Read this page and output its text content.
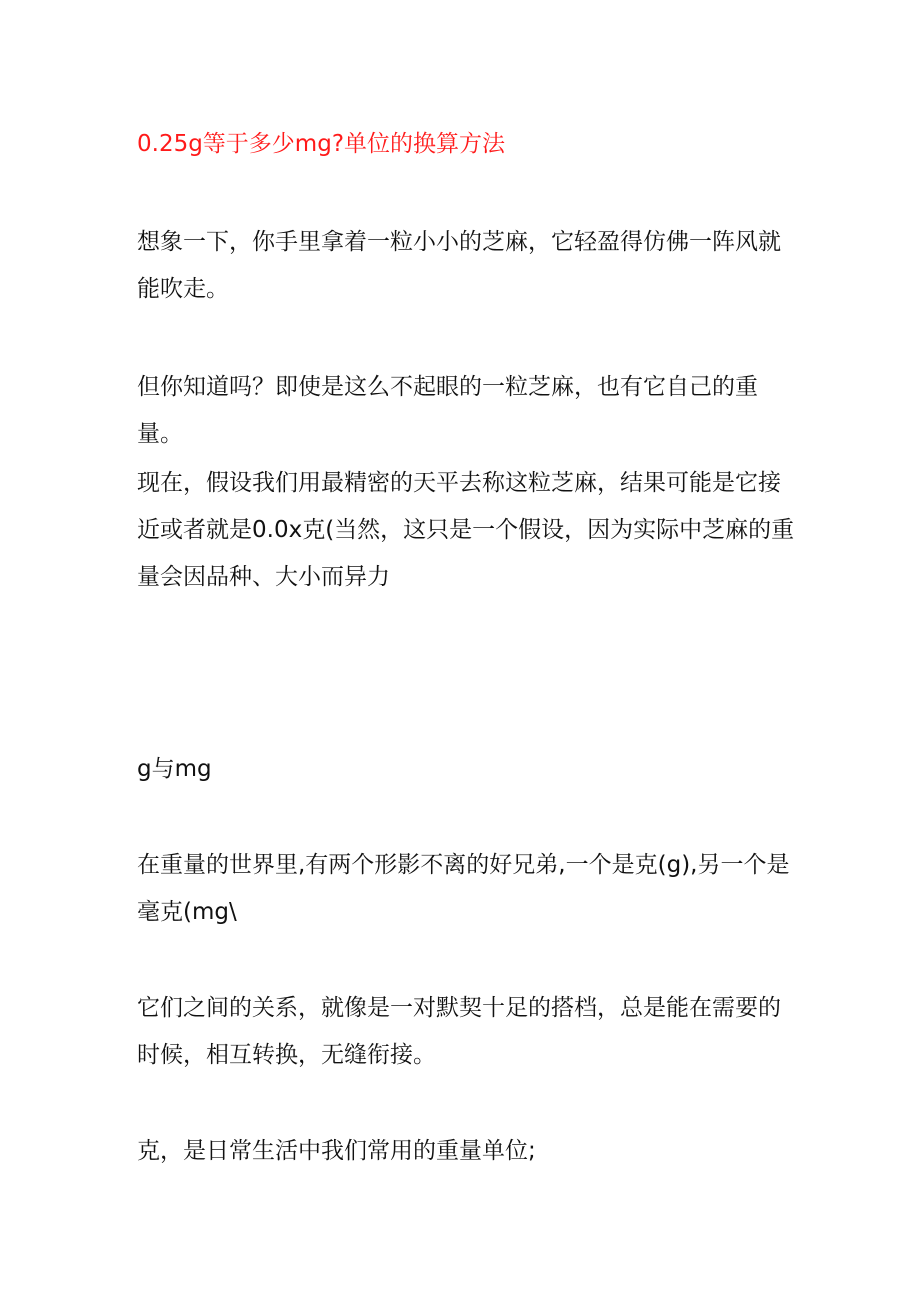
0.25g等于多少mg?单位的换算方法
想象一下，你手里拿着一粒小小的芝麻，它轻盈得仿佛一阵风就能吹走。
但你知道吗？即使是这么不起眼的一粒芝麻，也有它自己的重量。
现在，假设我们用最精密的天平去称这粒芝麻，结果可能是它接近或者就是0.0x克(当然，这只是一个假设，因为实际中芝麻的重量会因品种、大小而异力
g与mg
在重量的世界里,有两个形影不离的好兄弟,一个是克(g),另一个是毫克(mg\
它们之间的关系，就像是一对默契十足的搭档，总是能在需要的时候，相互转换，无缝衔接。
克，是日常生活中我们常用的重量单位;
